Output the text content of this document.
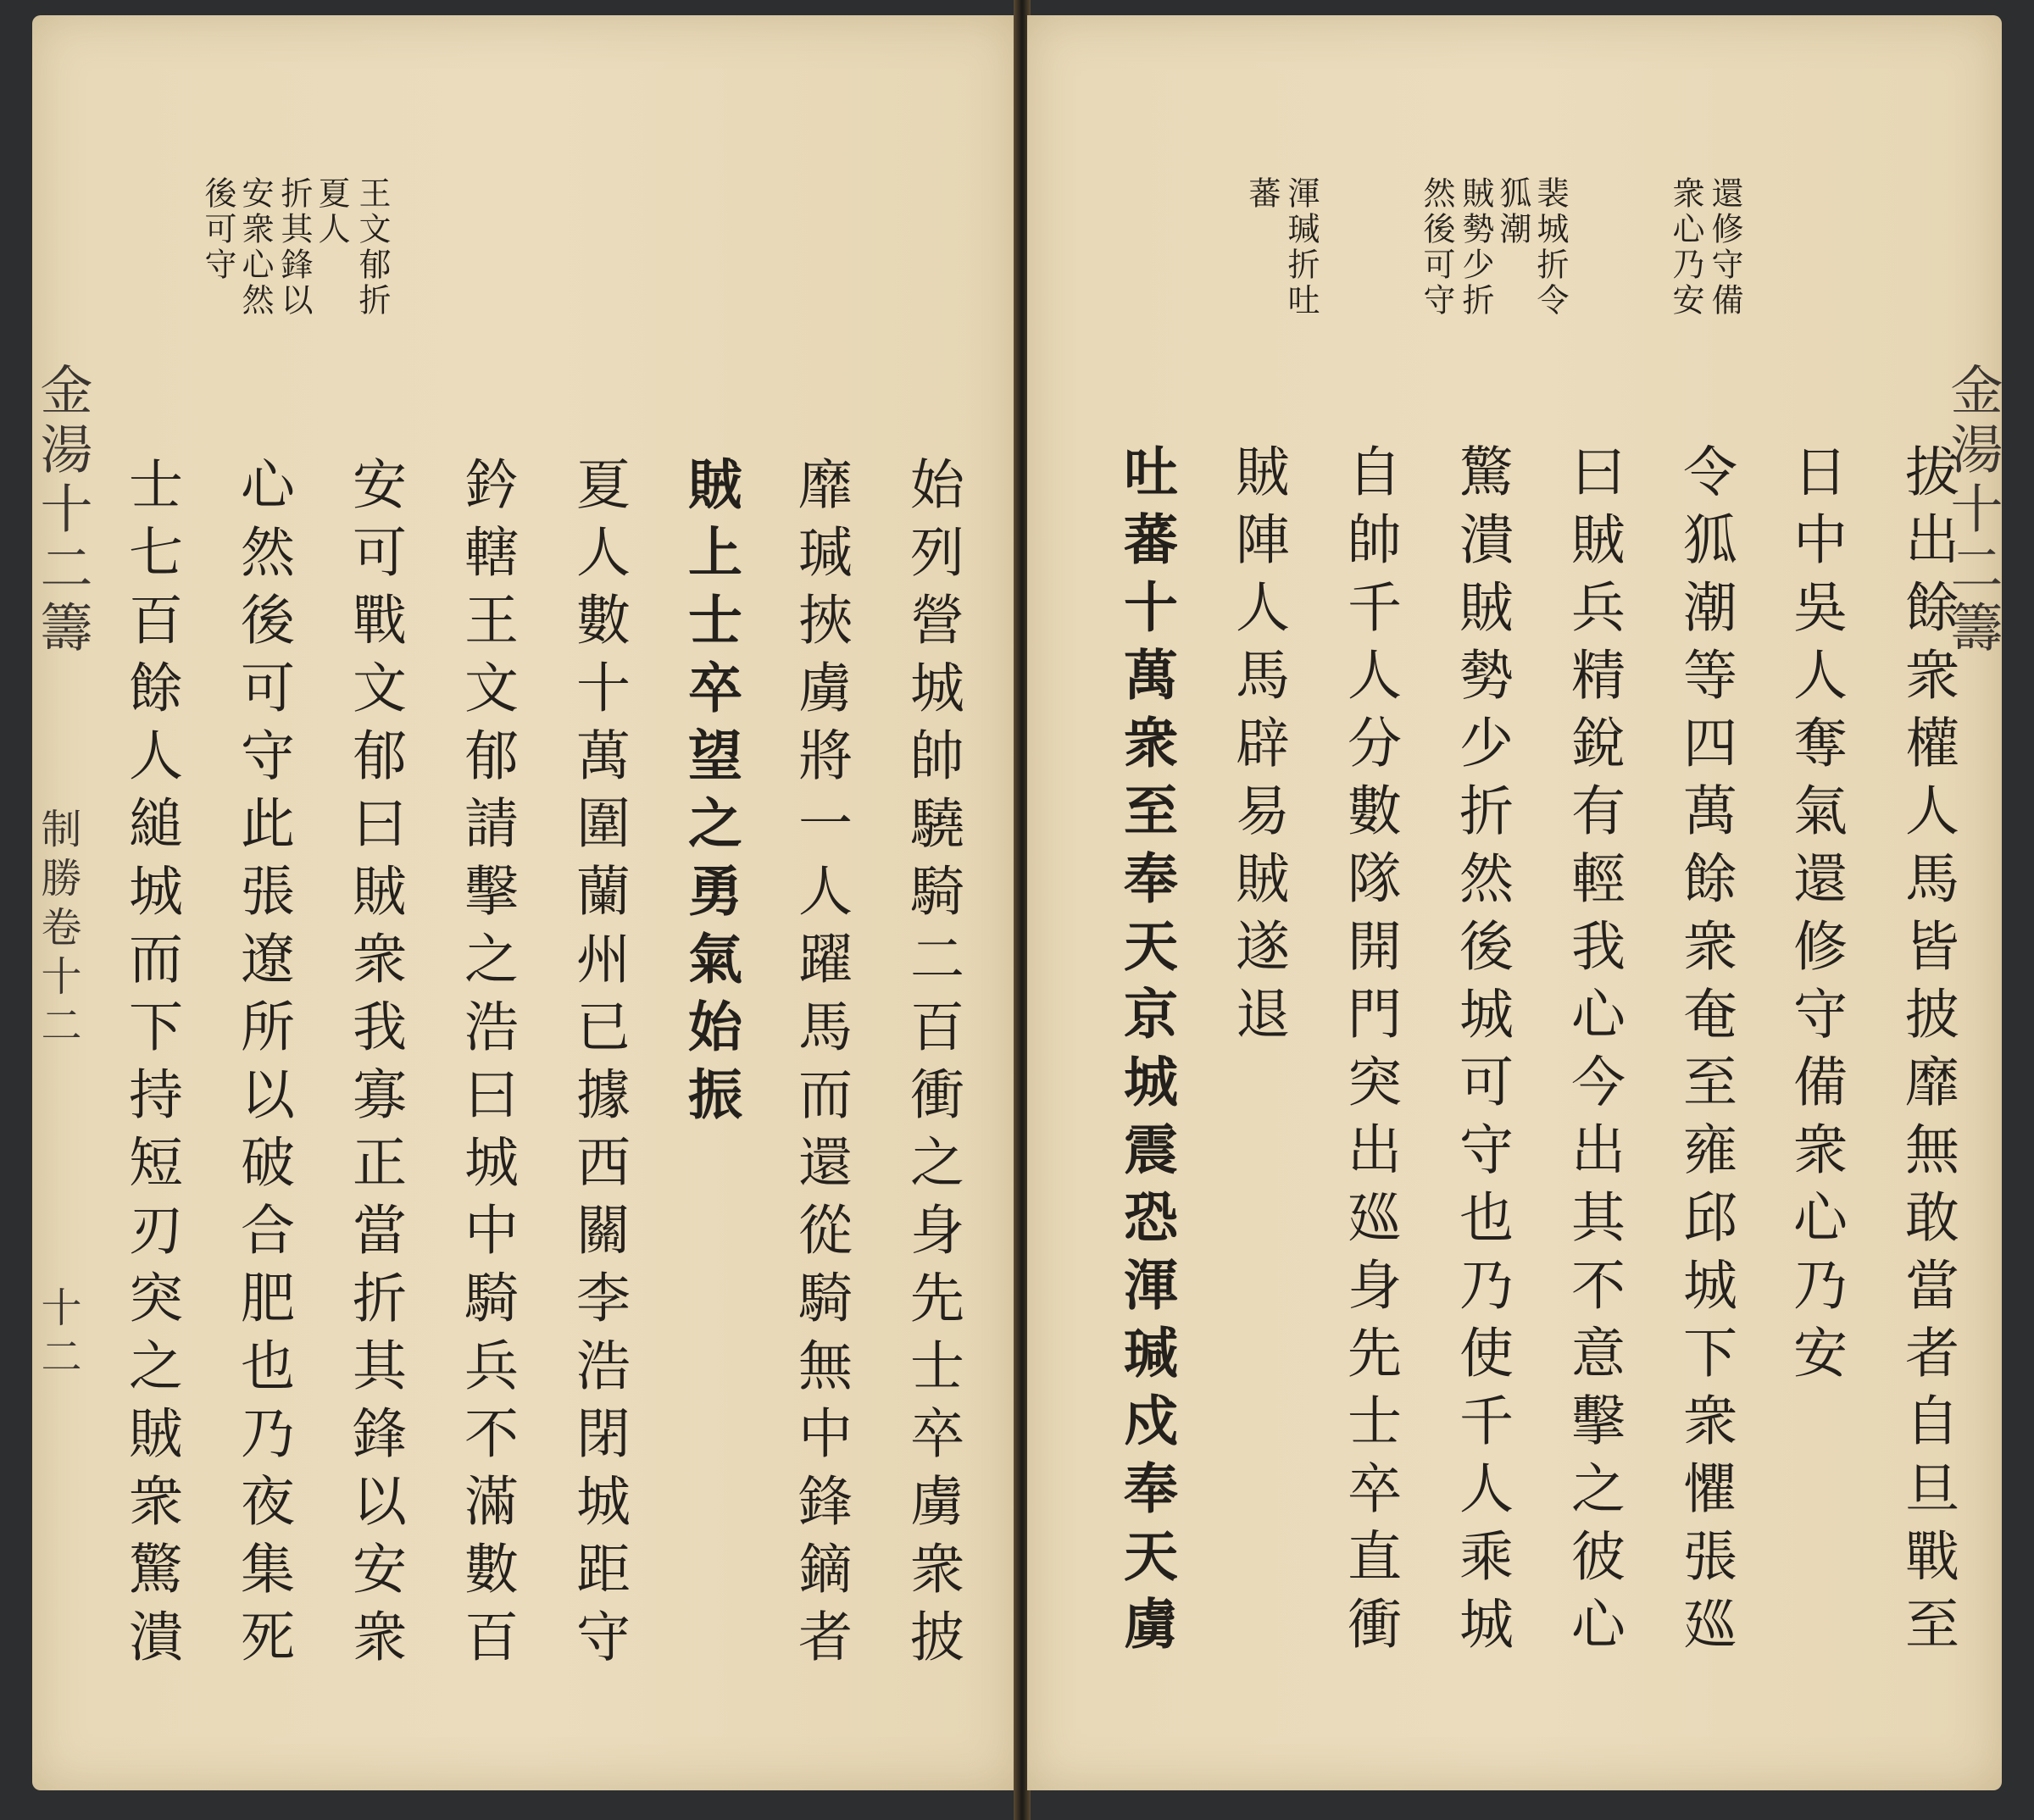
王文郁折
夏人
折其鋒以
安衆心然
後可守
始列營城帥驍騎二百衝之身先士卒虜衆披
靡瑊挾虜將一人躍馬而還從騎無中鋒鏑者
賊上士卒望之勇氣始振
夏人數十萬圍蘭州已據西關李浩閉城距守
鈐轄王文郁請擊之浩曰城中騎兵不滿數百
安可戰文郁曰賊衆我寡正當折其鋒以安衆
心然後可守此張遼所以破合肥也乃夜集死
士七百餘人縋城而下持短刃突之賊衆驚潰
金湯十二籌
制勝卷十二
十二
還修守備
衆心乃安
裴城折令
狐潮
賊勢少折
然後可守
渾瑊折吐
蕃
拔出餘衆權人馬皆披靡無敢當者自旦戰至
日中吳人奪氣還修守備衆心乃安
令狐潮等四萬餘衆奄至雍邱城下衆懼張廵
曰賊兵精銳有輕我心今出其不意擊之彼心
驚潰賊勢少折然後城可守也乃使千人乘城
自帥千人分數隊開門突出廵身先士卒直衝
賊陣人馬辟易賊遂退
吐蕃十萬衆至奉天京城震恐渾瑊戍奉天虜	金湯十二籌
